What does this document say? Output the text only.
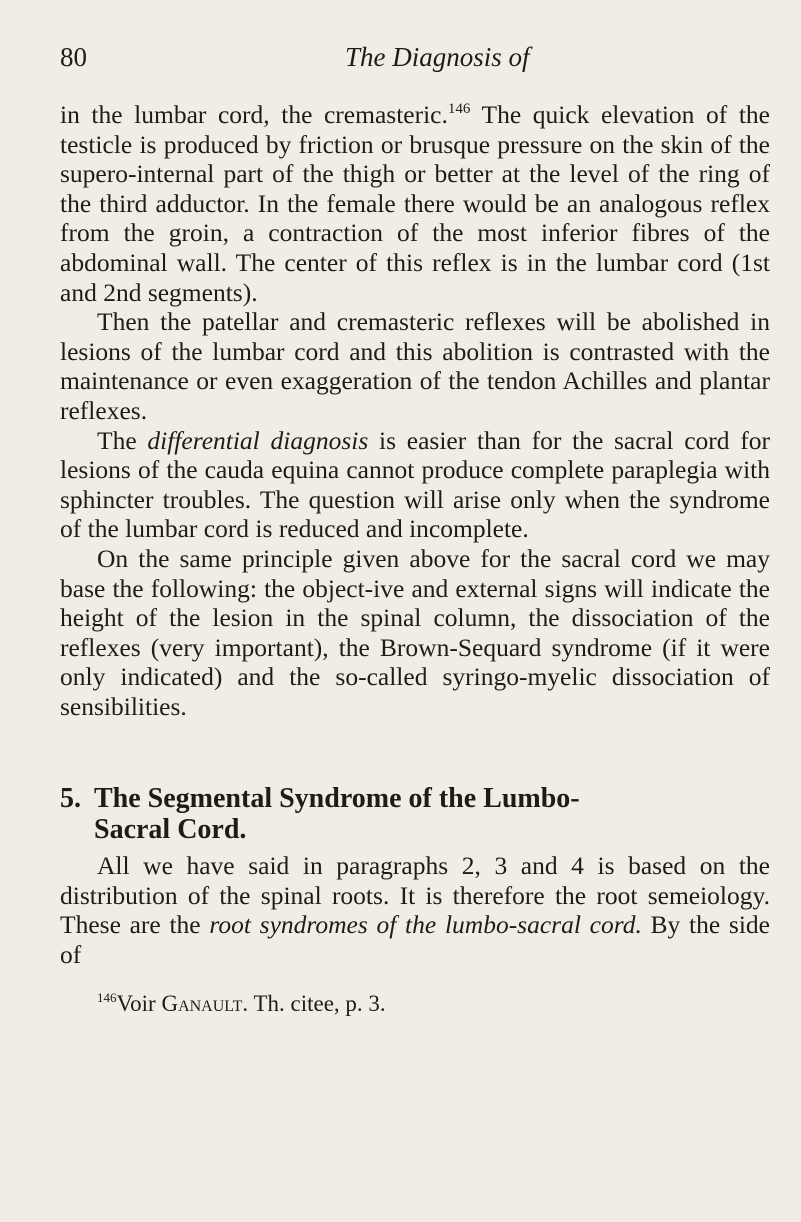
80	The Diagnosis of

in the lumbar cord, the cremasteric.$^{146}$ The quick elevation of the testicle is produced by friction or brusque pressure on the skin of the supero-internal part of the thigh or better at the level of the ring of the third adductor. In the female there would be an analogous reflex from the groin, a contraction of the most inferior fibres of the abdominal wall. The center of this reflex is in the lumbar cord (1st and 2nd segments).

Then the patellar and cremasteric reflexes will be abolished in lesions of the lumbar cord and this abolition is contrasted with the maintenance or even exaggeration of the tendon Achilles and plantar reflexes.

The differential diagnosis is easier than for the sacral cord for lesions of the cauda equina cannot produce complete paraplegia with sphincter troubles. The question will arise only when the syndrome of the lumbar cord is reduced and incomplete.

On the same principle given above for the sacral cord we may base the following: the object-ive and external signs will indicate the height of the lesion in the spinal column, the dissociation of the reflexes (very important), the Brown-Sequard syndrome (if it were only indicated) and the so-called syringo-myelic dissociation of sensibilities.

5. The Segmental Syndrome of the Lumbo-
Sacral Cord.

All we have said in paragraphs 2, 3 and 4 is based on the distribution of the spinal roots. It is therefore the root semeiology. These are the root syndromes of the lumbo-sacral cord. By the side of

$^{146}$Voir Ganault. Th. citee, p. 3.
